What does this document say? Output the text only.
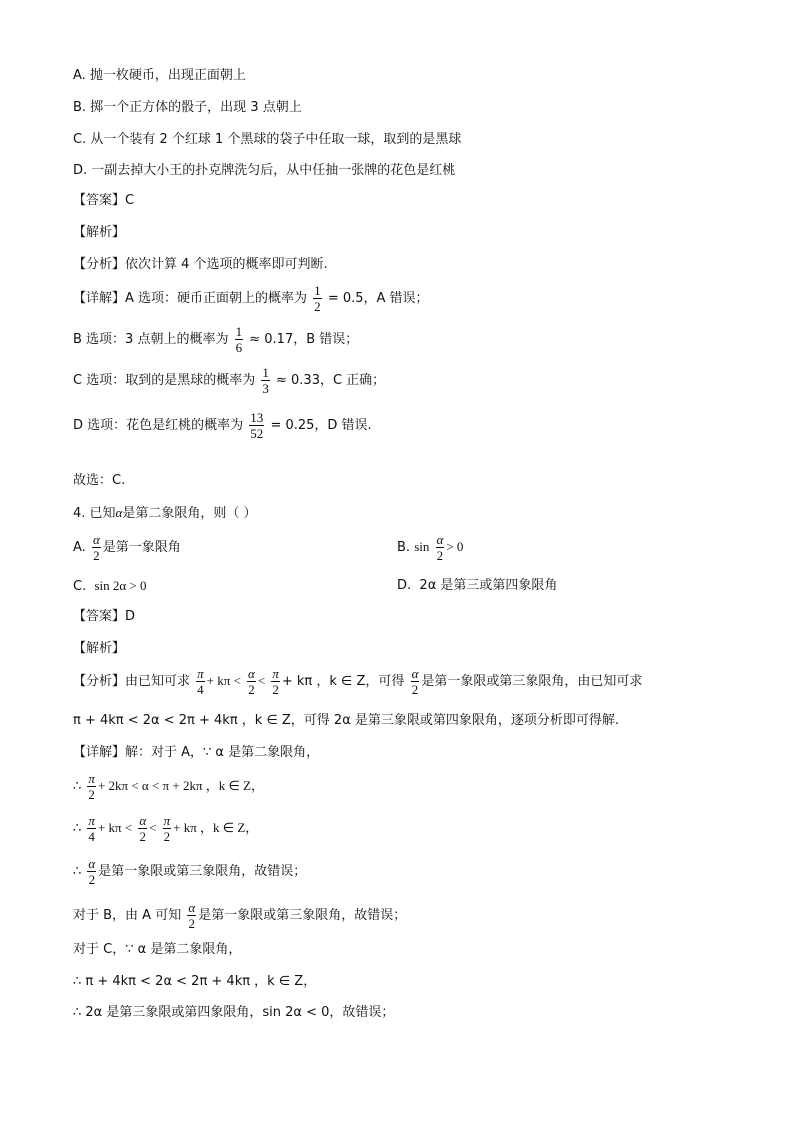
A. 抛一枚硬币，出现正面朝上
B. 掷一个正方体的骰子，出现 3 点朝上
C. 从一个装有 2 个红球 1 个黑球的袋子中任取一球，取到的是黑球
D. 一副去掉大小王的扑克牌洗匀后，从中任抽一张牌的花色是红桃
【答案】C
【解析】
【分析】依次计算 4 个选项的概率即可判断.
【详解】A 选项：硬币正面朝上的概率为 $\frac{1}{2} = 0.5$，A 错误；
B 选项：3 点朝上的概率为 $\frac{1}{6} \approx 0.17$，B 错误；
C 选项：取到的是黑球的概率为 $\frac{1}{3} \approx 0.33$，C 正确；
D 选项：花色是红桃的概率为 $\frac{13}{52} = 0.25$，D 错误.
故选：C.
4. 已知α是第二象限角，则（ ）
A. $\frac{\alpha}{2}$ 是第一象限角	B. $\sin \frac{\alpha}{2} > 0$
C. sin 2α > 0	D. 2α 是第三或第四象限角
【答案】D
【解析】
【分析】由已知可求 $\frac{\pi}{4} + k\pi < \frac{\alpha}{2} < \frac{\pi}{2} + k\pi$ ，k ∈ Z，可得 $\frac{\alpha}{2}$ 是第一象限或第三象限角，由已知可求
π + 4kπ < 2α < 2π + 4kπ ，k ∈ Z，可得 2α 是第三象限或第四象限角，逐项分析即可得解.
【详解】解：对于 A，∵ α 是第二象限角，
∴ $\frac{\pi}{2} + 2k\pi < \alpha < \pi + 2k\pi$ ，k ∈ Z，
∴ $\frac{\pi}{4} + k\pi < \frac{\alpha}{2} < \frac{\pi}{2} + k\pi$ ，k ∈ Z，
∴ $\frac{\alpha}{2}$ 是第一象限或第三象限角，故错误；
对于 B，由 A 可知 $\frac{\alpha}{2}$ 是第一象限或第三象限角，故错误；
对于 C，∵ α 是第二象限角，
∴ π + 4kπ < 2α < 2π + 4kπ ，k ∈ Z，
∴ 2α 是第三象限或第四象限角，sin 2α < 0，故错误；
